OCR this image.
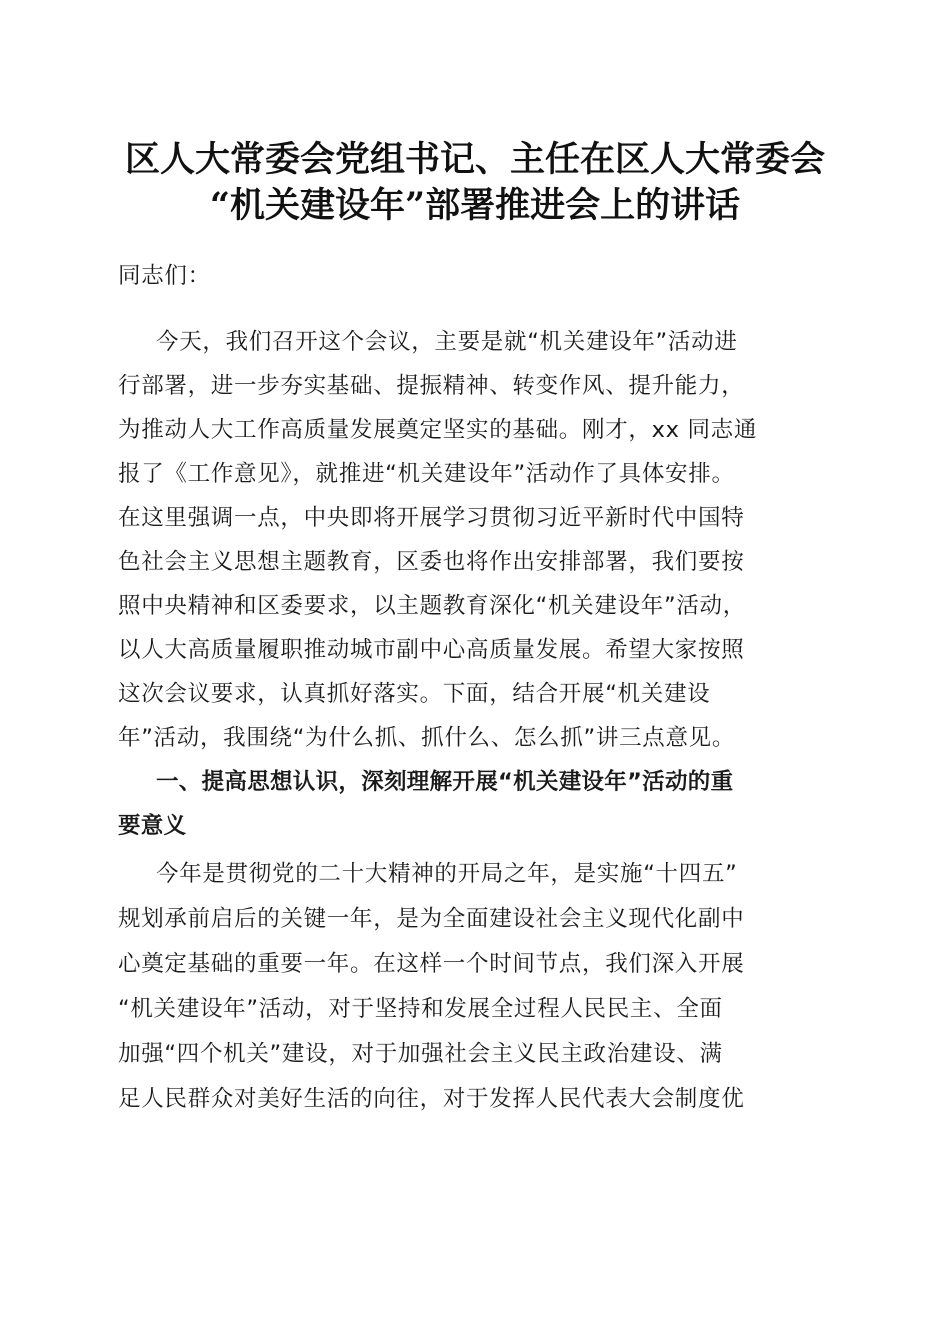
区人大常委会党组书记、主任在区人大常委会
“机关建设年”部署推进会上的讲话
同志们：
今天，我们召开这个会议，主要是就“机关建设年”活动进
行部署，进一步夯实基础、提振精神、转变作风、提升能力，
为推动人大工作高质量发展奠定坚实的基础。刚才，xx 同志通
报了《工作意见》，就推进“机关建设年”活动作了具体安排。
在这里强调一点，中央即将开展学习贯彻习近平新时代中国特
色社会主义思想主题教育，区委也将作出安排部署，我们要按
照中央精神和区委要求，以主题教育深化“机关建设年”活动，
以人大高质量履职推动城市副中心高质量发展。希望大家按照
这次会议要求，认真抓好落实。下面，结合开展“机关建设
年”活动，我围绕“为什么抓、抓什么、怎么抓”讲三点意见。
一、提高思想认识，深刻理解开展“机关建设年”活动的重
要意义
今年是贯彻党的二十大精神的开局之年，是实施“十四五”
规划承前启后的关键一年，是为全面建设社会主义现代化副中
心奠定基础的重要一年。在这样一个时间节点，我们深入开展
“机关建设年”活动，对于坚持和发展全过程人民民主、全面
加强“四个机关”建设，对于加强社会主义民主政治建设、满
足人民群众对美好生活的向往，对于发挥人民代表大会制度优
